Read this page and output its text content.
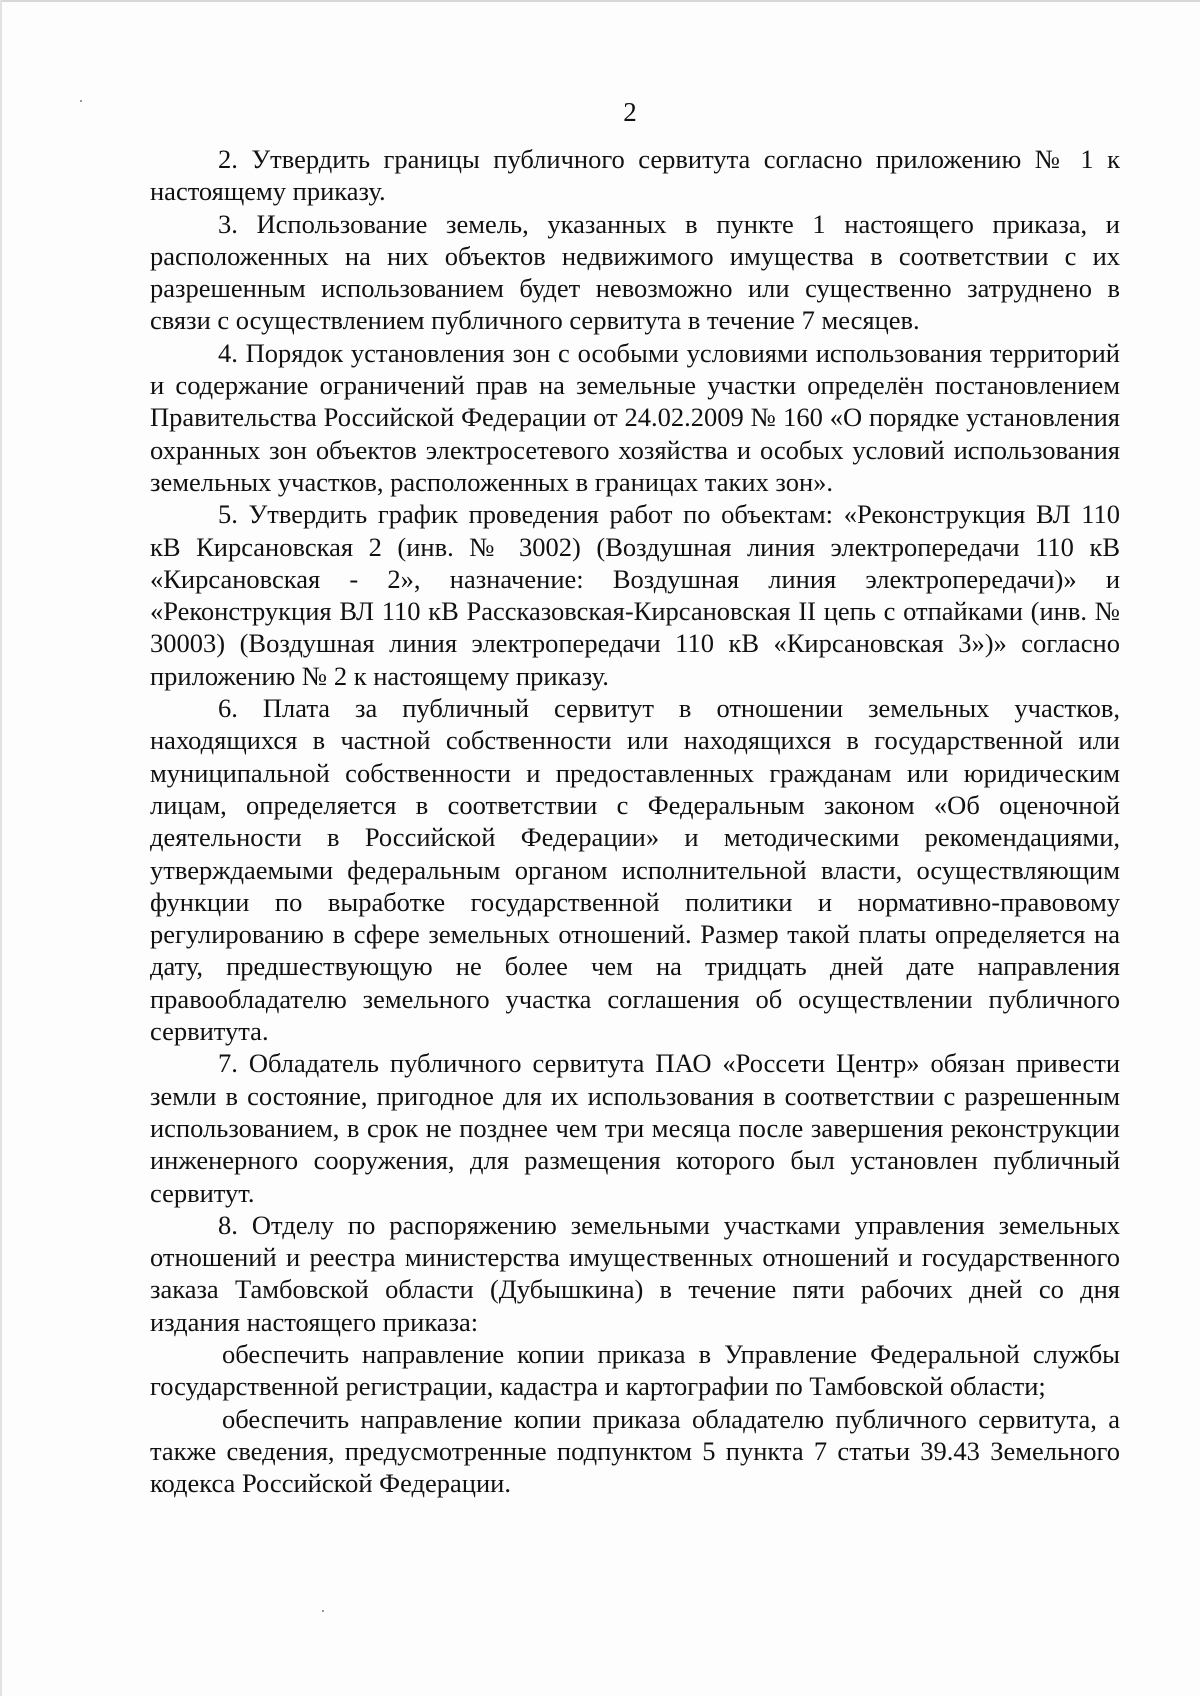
2

2. Утвердить границы публичного сервитута согласно приложению № 1 к настоящему приказу.

3. Использование земель, указанных в пункте 1 настоящего приказа, и расположенных на них объектов недвижимого имущества в соответствии с их разрешенным использованием будет невозможно или существенно затруднено в связи с осуществлением публичного сервитута в течение 7 месяцев.

4. Порядок установления зон с особыми условиями использования территорий и содержание ограничений прав на земельные участки определён постановлением Правительства Российской Федерации от 24.02.2009 № 160 «О порядке установления охранных зон объектов электросетевого хозяйства и особых условий использования земельных участков, расположенных в границах таких зон».

5. Утвердить график проведения работ по объектам: «Реконструкция ВЛ 110 кВ Кирсановская 2 (инв. № 3002) (Воздушная линия электропередачи 110 кВ «Кирсановская - 2», назначение: Воздушная линия электропередачи)» и «Реконструкция ВЛ 110 кВ Рассказовская-Кирсановская II цепь с отпайками (инв. № 30003) (Воздушная линия электропередачи 110 кВ «Кирсановская 3»)» согласно приложению № 2 к настоящему приказу.

6. Плата за публичный сервитут в отношении земельных участков, находящихся в частной собственности или находящихся в государственной или муниципальной собственности и предоставленных гражданам или юридическим лицам, определяется в соответствии с Федеральным законом «Об оценочной деятельности в Российской Федерации» и методическими рекомендациями, утверждаемыми федеральным органом исполнительной власти, осуществляющим функции по выработке государственной политики и нормативно-правовому регулированию в сфере земельных отношений. Размер такой платы определяется на дату, предшествующую не более чем на тридцать дней дате направления правообладателю земельного участка соглашения об осуществлении публичного сервитута.

7. Обладатель публичного сервитута ПАО «Россети Центр» обязан привести земли в состояние, пригодное для их использования в соответствии с разрешенным использованием, в срок не позднее чем три месяца после завершения реконструкции инженерного сооружения, для размещения которого был установлен публичный сервитут.

8. Отделу по распоряжению земельными участками управления земельных отношений и реестра министерства имущественных отношений и государственного заказа Тамбовской области (Дубышкина) в течение пяти рабочих дней со дня издания настоящего приказа:

обеспечить направление копии приказа в Управление Федеральной службы государственной регистрации, кадастра и картографии по Тамбовской области;

обеспечить направление копии приказа обладателю публичного сервитута, а также сведения, предусмотренные подпунктом 5 пункта 7 статьи 39.43 Земельного кодекса Российской Федерации.
